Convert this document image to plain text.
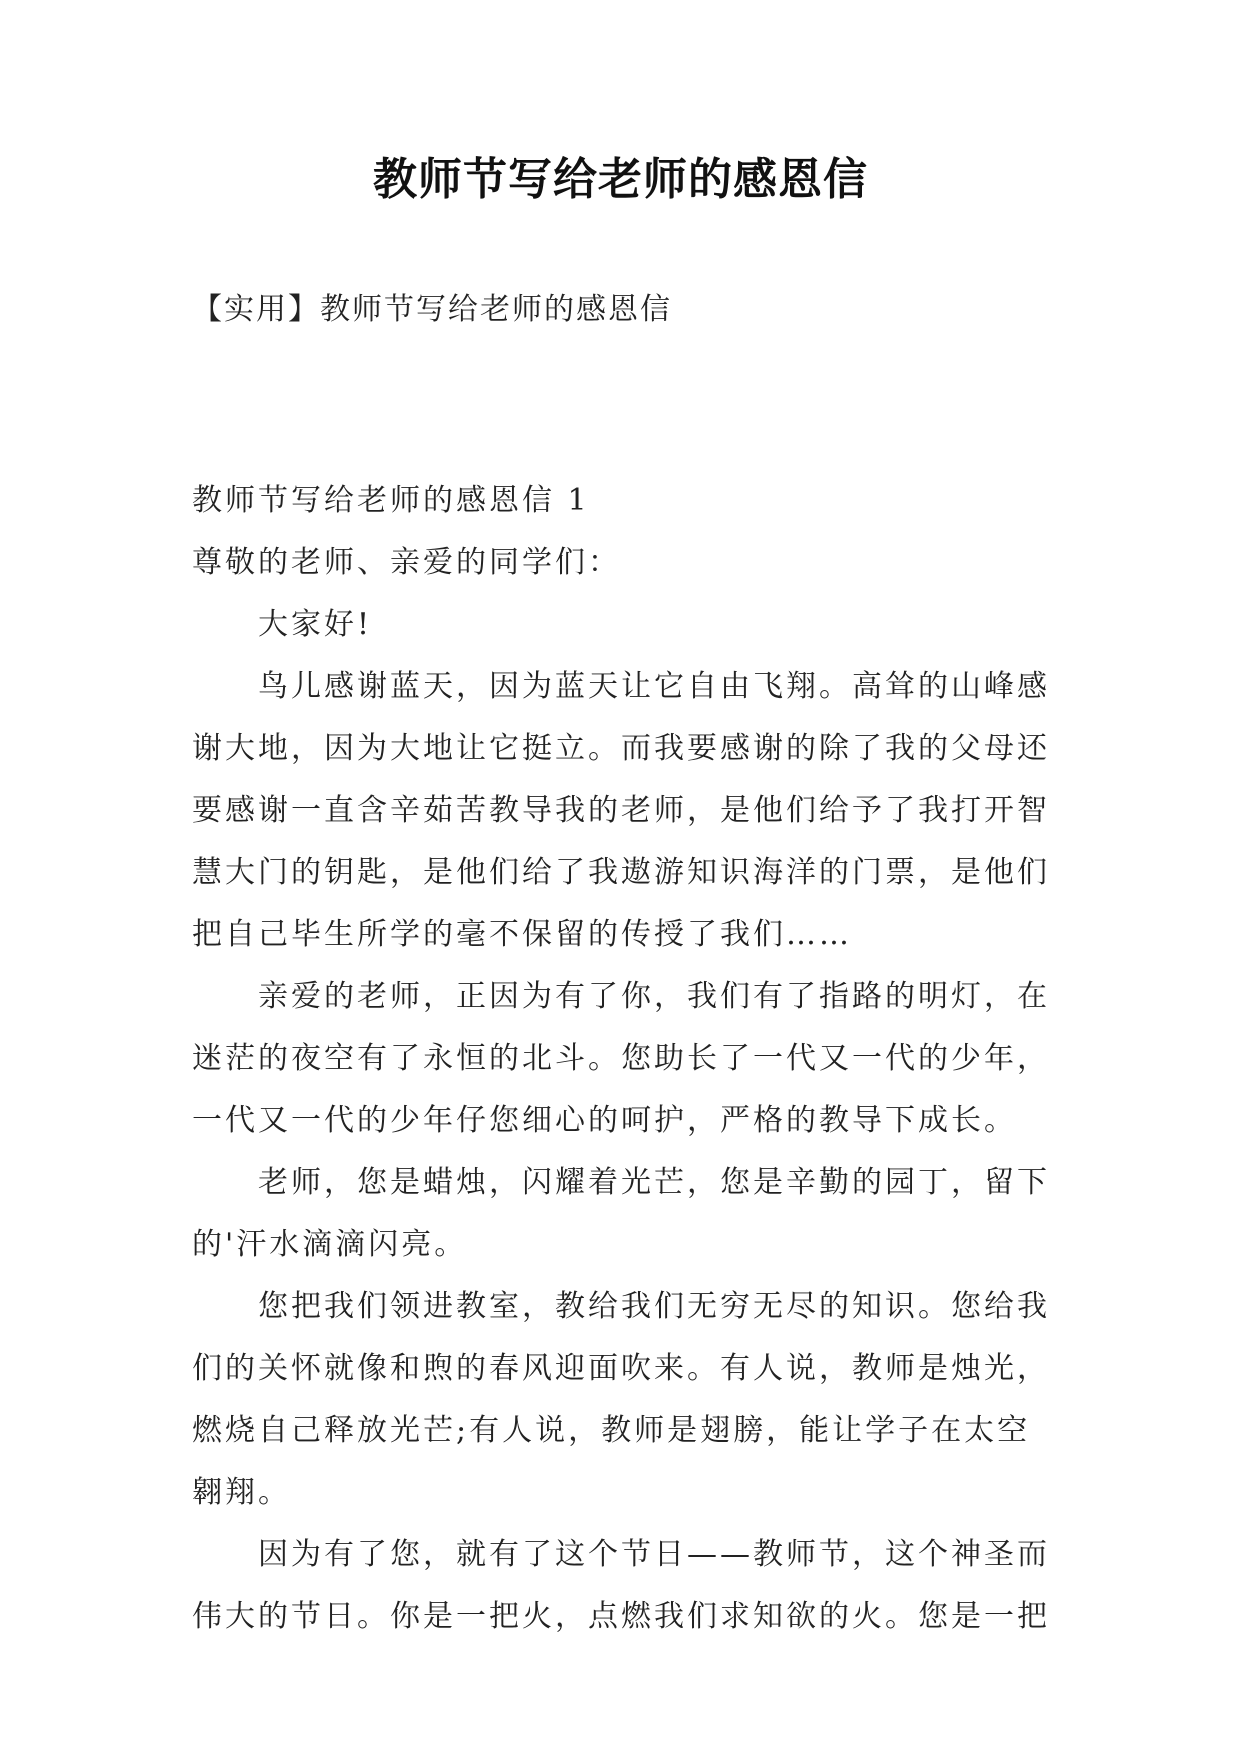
教师节写给老师的感恩信
【实用】教师节写给老师的感恩信
教师节写给老师的感恩信 1
尊敬的老师、亲爱的同学们：
大家好!
鸟儿感谢蓝天，因为蓝天让它自由飞翔。高耸的山峰感
谢大地，因为大地让它挺立。而我要感谢的除了我的父母还
要感谢一直含辛茹苦教导我的老师，是他们给予了我打开智
慧大门的钥匙，是他们给了我遨游知识海洋的门票，是他们
把自己毕生所学的毫不保留的传授了我们……
亲爱的老师，正因为有了你，我们有了指路的明灯，在
迷茫的夜空有了永恒的北斗。您助长了一代又一代的少年，
一代又一代的少年仔您细心的呵护，严格的教导下成长。
老师，您是蜡烛，闪耀着光芒，您是辛勤的园丁，留下
的'汗水滴滴闪亮。
您把我们领进教室，教给我们无穷无尽的知识。您给我
们的关怀就像和煦的春风迎面吹来。有人说，教师是烛光，
燃烧自己释放光芒;有人说，教师是翅膀，能让学子在太空
翱翔。
因为有了您，就有了这个节日——教师节，这个神圣而
伟大的节日。你是一把火，点燃我们求知欲的火。您是一把
